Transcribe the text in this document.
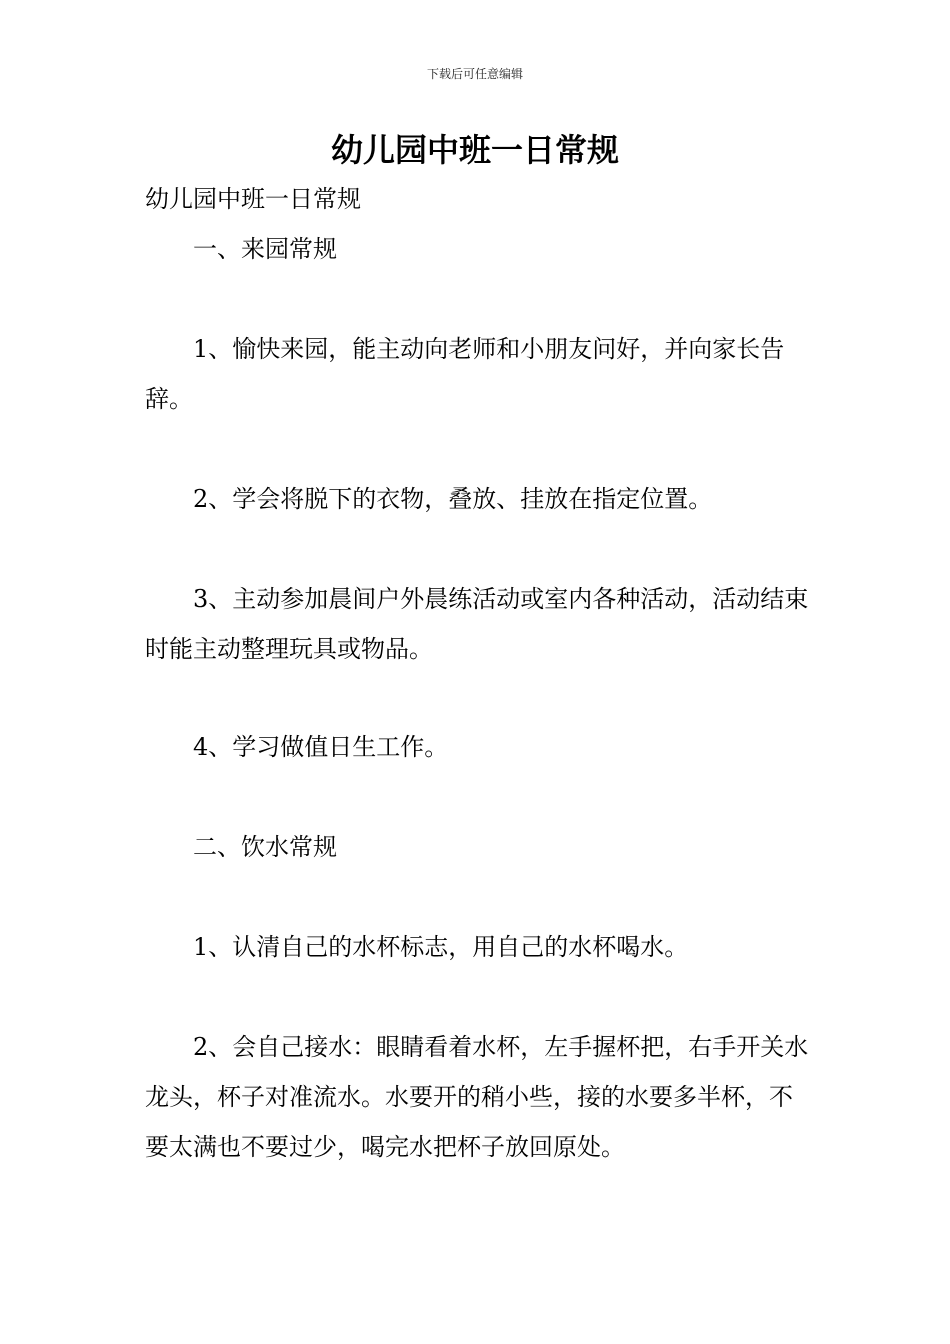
下载后可任意编辑
幼儿园中班一日常规

幼儿园中班一日常规

一、来园常规

1、愉快来园，能主动向老师和小朋友问好，并向家长告辞。

2、学会将脱下的衣物，叠放、挂放在指定位置。

3、主动参加晨间户外晨练活动或室内各种活动，活动结束时能主动整理玩具或物品。

4、学习做值日生工作。

二、饮水常规

1、认清自己的水杯标志，用自己的水杯喝水。

2、会自己接水：眼睛看着水杯，左手握杯把，右手开关水龙头，杯子对准流水。水要开的稍小些，接的水要多半杯，不要太满也不要过少，喝完水把杯子放回原处。
